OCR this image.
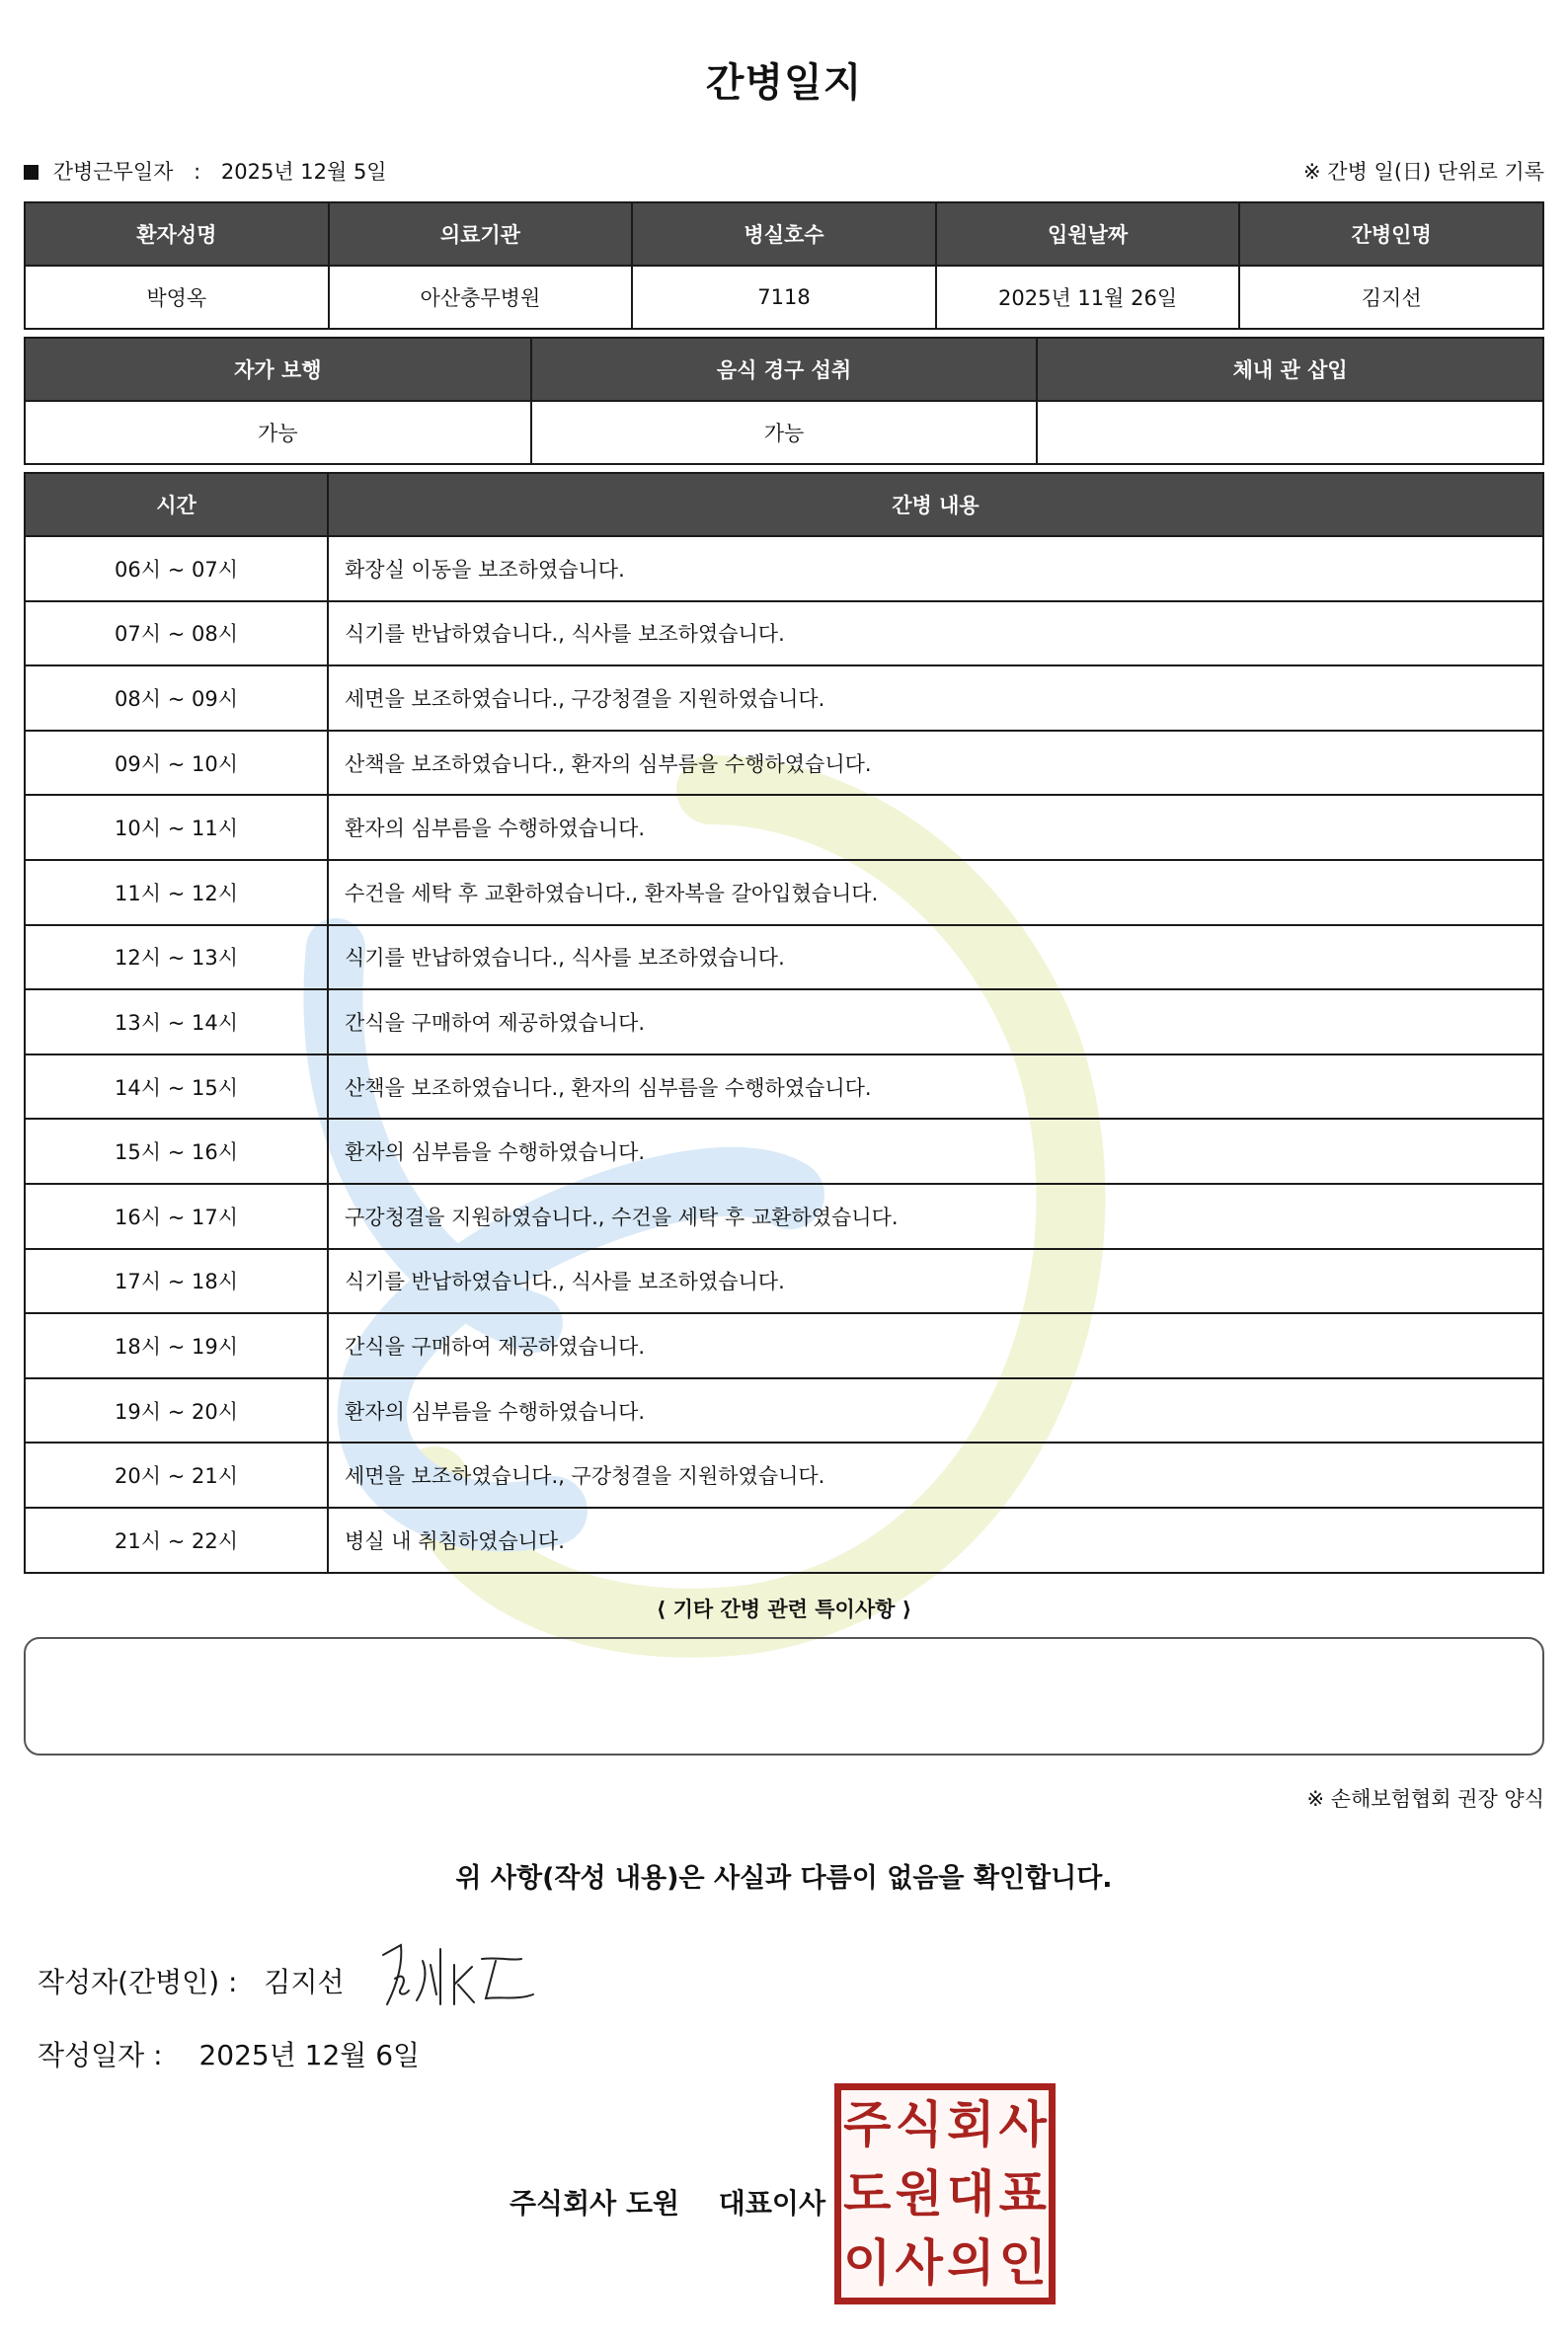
간병일지
간병근무일자 : 2025년 12월 5일	※ 간병 일(日) 단위로 기록
환자성명	의료기관	병실호수	입원날짜	간병인명
박영옥	아산충무병원	7118	2025년 11월 26일	김지선
자가 보행	음식 경구 섭취	체내 관 삽입
가능	가능	
시간	간병 내용
06시 ~ 07시	화장실 이동을 보조하였습니다.
07시 ~ 08시	식기를 반납하였습니다., 식사를 보조하였습니다.
08시 ~ 09시	세면을 보조하였습니다., 구강청결을 지원하였습니다.
09시 ~ 10시	산책을 보조하였습니다., 환자의 심부름을 수행하였습니다.
10시 ~ 11시	환자의 심부름을 수행하였습니다.
11시 ~ 12시	수건을 세탁 후 교환하였습니다., 환자복을 갈아입혔습니다.
12시 ~ 13시	식기를 반납하였습니다., 식사를 보조하였습니다.
13시 ~ 14시	간식을 구매하여 제공하였습니다.
14시 ~ 15시	산책을 보조하였습니다., 환자의 심부름을 수행하였습니다.
15시 ~ 16시	환자의 심부름을 수행하였습니다.
16시 ~ 17시	구강청결을 지원하였습니다., 수건을 세탁 후 교환하였습니다.
17시 ~ 18시	식기를 반납하였습니다., 식사를 보조하였습니다.
18시 ~ 19시	간식을 구매하여 제공하였습니다.
19시 ~ 20시	환자의 심부름을 수행하였습니다.
20시 ~ 21시	세면을 보조하였습니다., 구강청결을 지원하였습니다.
21시 ~ 22시	병실 내 취침하였습니다.
⟨ 기타 간병 관련 특이사항 ⟩
※ 손해보험협회 권장 양식
위 사항(작성 내용)은 사실과 다름이 없음을 확인합니다.
작성자(간병인) : 김지선
작성일자 : 2025년 12월 6일
주식회사 도원 대표이사
주 식 회 사
도 원 대 표
이 사 의 인
